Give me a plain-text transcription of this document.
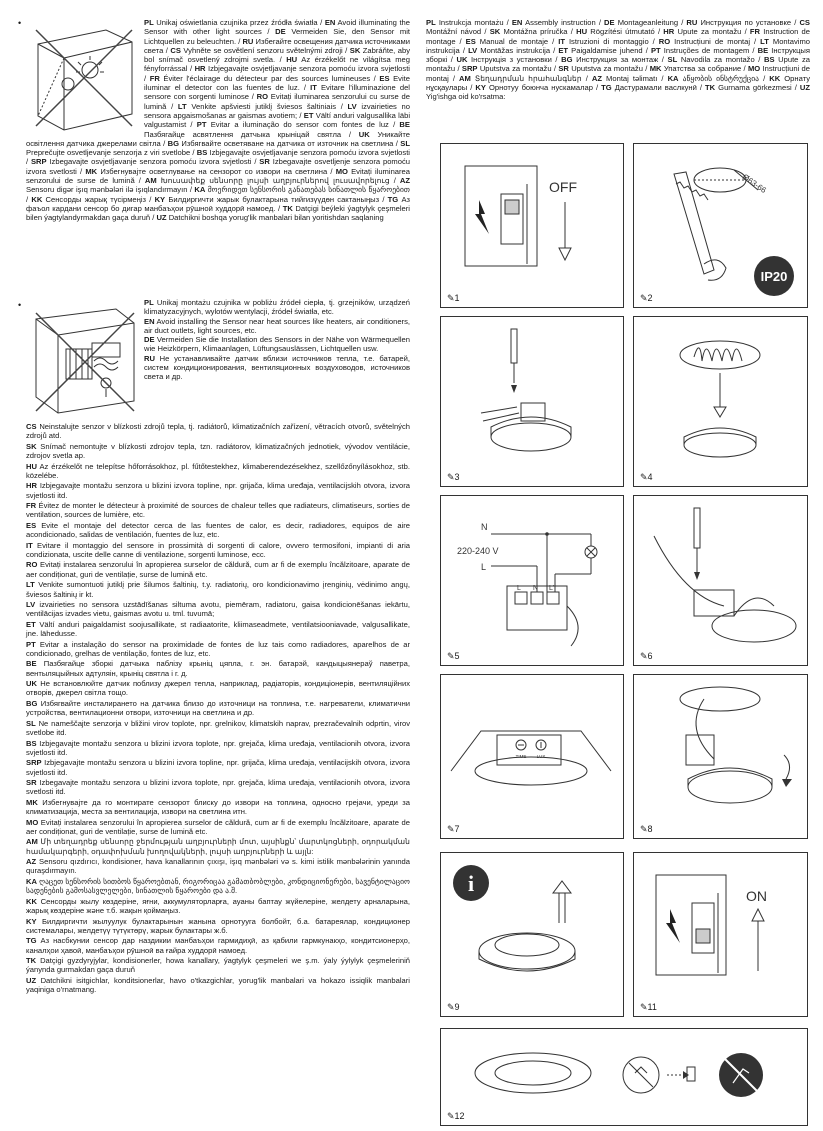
•
•

PL Unikaj oświetlania czujnika przez źródła światła / EN Avoid illuminating the Sensor with other light sources / DE Vermeiden Sie, den Sensor mit Lichtquellen zu beleuchten. / RU Избегайте освещения датчика источниками света / CS Vyhněte se osvětlení senzoru světelnými zdroji / SK Zabráňte, aby bol snímač osvetlený zdrojmi svetla. / HU Az érzékelőt ne világítsa meg fényforrással / HR Izbjegavajte osvjetljavanje senzora pomoću izvora svjetlosti / FR Éviter l'éclairage du détecteur par des sources lumineuses / ES Evite iluminar el detector con las fuentes de luz. / IT Evitare l'illuminazione del sensore con sorgenti luminose / RO Evitați iluminarea senzorului cu surse de lumină / LT Venkite apšviesti jutiklį šviesos šaltiniais / LV izvairieties no sensora apgaismošanas ar gaismas avotiem; / ET Vältí anduri valgusallika läbi valgustamist / PT Evitar a iluminação do sensor com fontes de luz / BE Пазбягайце асвятлення датчыка крыніцай святла / UK Уникайте освітлення датчика джерелами світла / BG Избягвайте осветяване на датчика от източник на светлина / SL Preprečujte osvetljevanje senzorja z viri svetlobe / BS Izbjegavajte osvjetljavanje senzora pomoću izvora svjetlosti / SRP Izbegavajte osvjetljavanje senzora pomoću izvora svjetlosti / SR Izbegavajte osvetljenje senzora pomoću izvora svetlosti / MK Избегнувајте осветлување на сензорот со извори на светлина / MO Evitați iluminarea senzorului de surse de lumină / AM Խուսափեք սենսորը լույսի աղբյուրներով լուսավորելուց / AZ Sensoru digər işıq mənbələri ilə işıqlandırmayın / KA მოერიდეთ სენსორის განათებას სინათლის წყაროებით / KK Сенсорды жарық түсірмеңіз / KY Билдиргичти жарык булактарына тийгизүүдөн сактаныңыз / TG Аз фаъол кардани сенсор бо дигар манбаъҳои рӯшноӣ худдорӣ намоед. / TK Datçigi beýleki ýagtylyk çeşmeleri bilen ýagtylandyrmakdan gaça duruň / UZ Datchikni boshqa yorug'lik manbalari bilan yoritishdan saqlaning

PL Unikaj montażu czujnika w pobliżu źródeł ciepła, tj. grzejników, urządzeń klimatyzacyjnych, wylotów wentylacji, źródeł światła, etc.

EN Avoid installing the Sensor near heat sources like heaters, air conditioners, air duct outlets, light sources, etc.

DE Vermeiden Sie die Installation des Sensors in der Nähe von Wärmequellen wie Heizkörpern, Klimaanlagen, Lüftungsauslässen, Lichtquellen usw.

RU Не устанавливайте датчик вблизи источников тепла, т.е. батарей, систем кондиционирования, вентиляционных воздуховодов, источников света и др.

CS Neinstalujte senzor v blízkosti zdrojů tepla, tj. radiátorů, klimatizačních zařízení, větracích otvorů, světelných zdrojů atd.

SK Snímač nemontujte v blízkosti zdrojov tepla, tzn. radiátorov, klimatizačných jednotiek, vývodov ventilácie, zdrojov svetla ap.

HU Az érzékelőt ne telepítse hőforrásokhoz, pl. fűtőtestekhez, klimaberendezésekhez, szellőzőnyílásokhoz, stb. közelébe.

HR Izbjegavajte montažu senzora u blizini izvora topline, npr. grijača, klima uređaja, ventilacijskih otvora, izvora svjetlosti itd.

FR Évitez de monter le détecteur à proximité de sources de chaleur telles que radiateurs, climatiseurs, sorties de ventilation, sources de lumière, etc.

ES Evite el montaje del detector cerca de las fuentes de calor, es decir, radiadores, equipos de aire acondicionado, salidas de ventilación, fuentes de luz, etc.

IT Evitare il montaggio del sensore in prossimità di sorgenti di calore, ovvero termosifoni, impianti di aria condizionata, uscite delle canne di ventilazione, sorgenti luminose, ecc.

RO Evitați instalarea senzorului în apropierea surselor de căldură, cum ar fi de exemplu încălzitoare, aparate de aer condiționat, guri de ventilație, surse de lumină etc.

LT Venkite sumontuoti jutiklį prie šilumos šaltinių, t.y. radiatorių, oro kondicionavimo įrenginių, vėdinimo angų, šviesos šaltinių ir kt.

LV izvairieties no sensora uzstādīšanas siltuma avotu, piemēram, radiatoru, gaisa kondicionēšanas iekārtu, ventilācijas izvades vietu, gaismas avotu u. tml. tuvumā;

ET Vältí anduri paigaldamist soojusallikate, st radiaatorite, kliimaseadmete, ventilatsiooniavade, valgusallikate, jne. lähedusse.

PT Evitar a instalação do sensor na proximidade de fontes de luz tais como radiadores, aparelhos de ar condicionado, grelhas de ventilação, fontes de luz, etc.

BE Пазбягайце зборкі датчыка паблізу крыніц цяпла, г. эн. батарэй, кандыцыянераў паветра, вентыляцыйных адтуляін, крыніц святла і г. д.

UK Не встановлюйте датчик поблизу джерел тепла, наприклад, радіаторів, кондиціонерів, вентиляційних отворів, джерел світла тощо.

BG Избягвайте инсталирането на датчика близо до източници на топлина, т.е. нагреватели, климатични устройства, вентилационни отвори, източници на светлина и др.

SL Ne nameščajte senzorja v bližini virov toplote, npr. grelnikov, klimatskih naprav, prezračevalnih odprtin, virov svetlobe itd.

BS Izbjegavajte montažu senzora u blizini izvora toplote, npr. grejača, klima uređaja, ventilacionih otvora, izvora svjetlosti itd.

SRP Izbjegavajte montažu senzora u blizini izvora topline, npr. grijača, klima uređaja, ventilacijskih otvora, izvora svjetlosti itd.

SR Izbegavajte montažu senzora u blizini izvora toplote, npr. grejača, klima uređaja, ventilacionih otvora, izvora svetlosti itd.

MK Избегнувајте да го монтирате сензорот блиску до извори на топлина, односно грејачи, уреди за климатизација, места за вентилација, извори на светлина итн.

MO Evitați instalarea senzorului în apropierea surselor de căldură, cum ar fi de exemplu încălzitoare, aparate de aer condiționat, guri de ventilație, surse de lumină etc.

AM Մի տեղադրեք սենսորը ջերմության աղբյուրների մոտ, այսինքն՝ մարտկոցների, օդորակման համակարգերի, օդափոխման խողովակների, լույսի աղբյուրների և այլն:

AZ Sensoru qızdırıcı, kondisioner, hava kanallarının çıxışı, işıq mənbələri və s. kimi istilik mənbələrinin yanında quraşdırmayın.

KA ღაცეთ სენსორის სითბოს წყაროებთან, რიგორიცაა გამათბობლები, კონდიციონერები, სავენტილაციო სადენების გამოსასვლელები, სინათლის წყაროები და ა.შ.

KK Сенсорды жылу көздеріне, яғни, аккумуляторларға, ауаны баптау жүйелеріне, желдету арналарына, жарық көздеріне және т.б. жақын қоймаңыз.

KY Билдиргичти жылуулук булактарынын жанына орнотууга болбойт, б.а. батареялар, кондиционер системалары, желдетүү түтүктөрү, жарык булактары ж.б.

TG Аз насбкунии сенсор дар наздикии манбаъҳои гармидиҳӣ, аз қабили гармкунакҳо, кондитсионерҳо, каналҳои ҳавоӣ, манбаъҳои рӯшноӣ ва ғайра худдорӣ намоед.

TK Datçigi gyzdyryjylar, kondisionerler, howa kanallary, ýagtylyk çeşmeleri we ş.m. ýaly ýylylyk çeşmeleriniň ýanynda gurmakdan gaça duruň

UZ Datchikni isitgichlar, konditsionerlar, havo o'tkazgichlar, yorug'lik manbalari va hokazo issiqlik manbalari yaqiniga o'rnatmang.

PL Instrukcja montażu / EN Assembly instruction / DE Montageanleitung / RU Инструкция по установке / CS Montážní návod / SK Montážna príručka / HU Rögzítési útmutató / HR Upute za montažu / FR Instruction de montage / ES Manual de montaje / IT Istruzioni di montaggio / RO Instrucțiuni de montaj / LT Montavimo instrukcija / LV Montāžas instrukcija / ET Paigaldamise juhend / PT Instruções de montagem / BE Інструкцыя зборкі / UK Інструкція з установки / BG Инструкция за монтаж / SL Navodila za montažo / BS Upute za montažu / SRP Uputstva za montažu / SR Uputstva za montažu / MK Упатства за собрание / MO Instrucțiuni de montaj / AM Տեղադրման հրահանգներ / AZ Montaj təlimatı / KA აწყობის ინსტრუქცია / KK Орнату нұсқаулары / KY Орнотуу боюнча нускамалар / TG Дастурамали васлкунӣ / TK Gurnama görkezmesi / UZ Yig'ishga oid ko'rsatma:

OFF
✎1
Ø63-66
IP20
✎2
✎3	✎4
N
220-240 V
L
L N L'
✎5	✎6
TIME LUX
✎7	✎8
i
✎9
ON
✎11
✎12
